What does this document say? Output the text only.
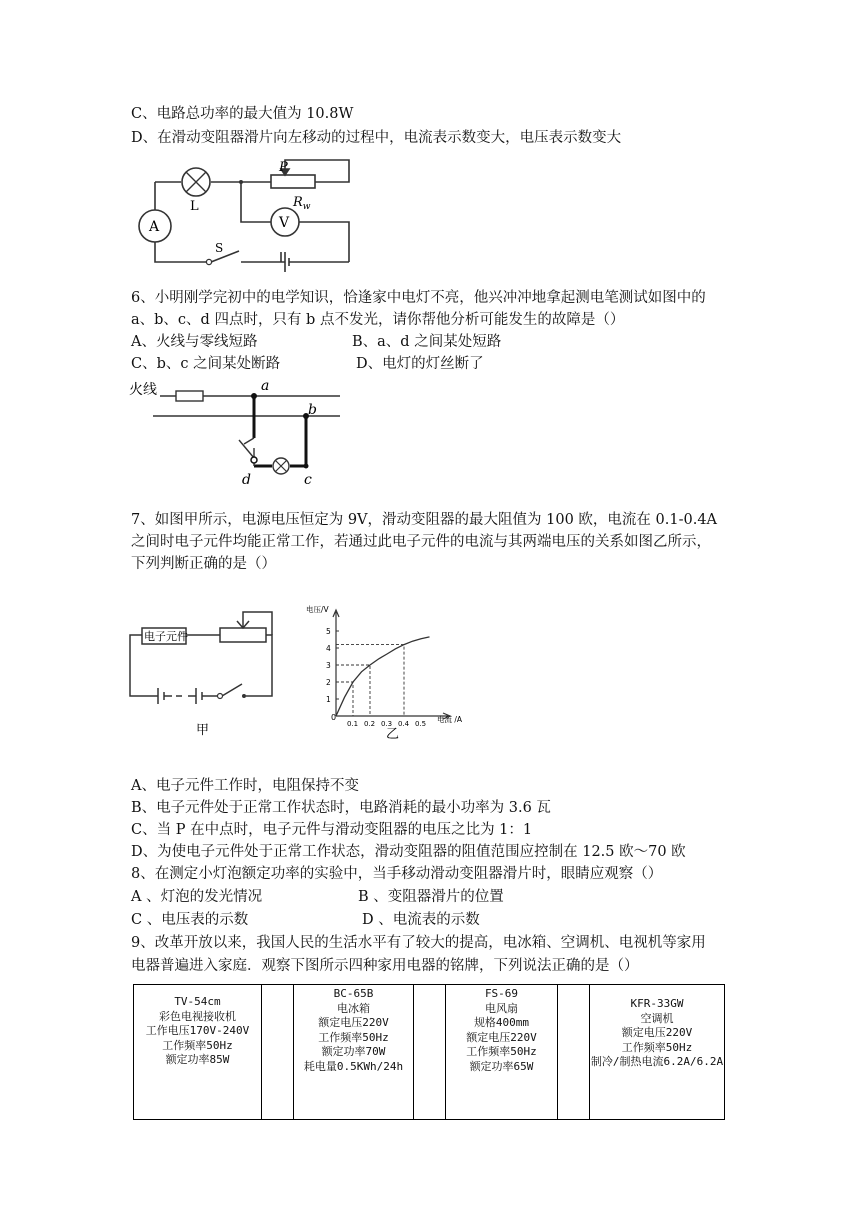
C、电路总功率的最大值为 10.8W
D、在滑动变阻器滑片向左移动的过程中，电流表示数变大，电压表示数变大
A	V
L
P
$R_w$
S
6、小明刚学完初中的电学知识，恰逢家中电灯不亮，他兴冲冲地拿起测电笔测试如图中的
a、b、c、d 四点时，只有 b 点不发光，请你帮他分析可能发生的故障是（）
A、火线与零线短路	B、a、d 之间某处短路
C、b、c 之间某处断路	D、电灯的灯丝断了
火线	a
b
c
d
7、如图甲所示，电源电压恒定为 9V，滑动变阻器的最大阻值为 100 欧，电流在 0.1-0.4A
之间时电子元件均能正常工作，若通过此电子元件的电流与其两端电压的关系如图乙所示，
下列判断正确的是（）
电子元件
甲
1
2
3
4
5
0.1 0.2 0.3 0.4 0.5
电压/V
电流 /A
0
乙
A、电子元件工作时，电阻保持不变
B、电子元件处于正常工作状态时，电路消耗的最小功率为 3.6 瓦
C、当 P 在中点时，电子元件与滑动变阻器的电压之比为 1：1
D、为使电子元件处于正常工作状态，滑动变阻器的阻值范围应控制在 12.5 欧～70 欧
8、在测定小灯泡额定功率的实验中，当手移动滑动变阻器滑片时，眼睛应观察（）
A 、灯泡的发光情况	B 、变阻器滑片的位置
C 、电压表的示数	D 、电流表的示数
9、改革开放以来，我国人民的生活水平有了较大的提高，电冰箱、空调机、电视机等家用
电器普遍进入家庭．观察下图所示四种家用电器的铭牌，下列说法正确的是（）
TV-54cm
彩色电视接收机
工作电压170V-240V
工作频率50Hz
额定功率85W
BC-65B
电冰箱
额定电压220V
工作频率50Hz
额定功率70W
耗电量0.5KWh/24h
FS-69
电风扇
规格400mm
额定电压220V
工作频率50Hz
额定功率65W
KFR-33GW
空调机
额定电压220V
工作频率50Hz
制冷/制热电流6.2A/6.2A
